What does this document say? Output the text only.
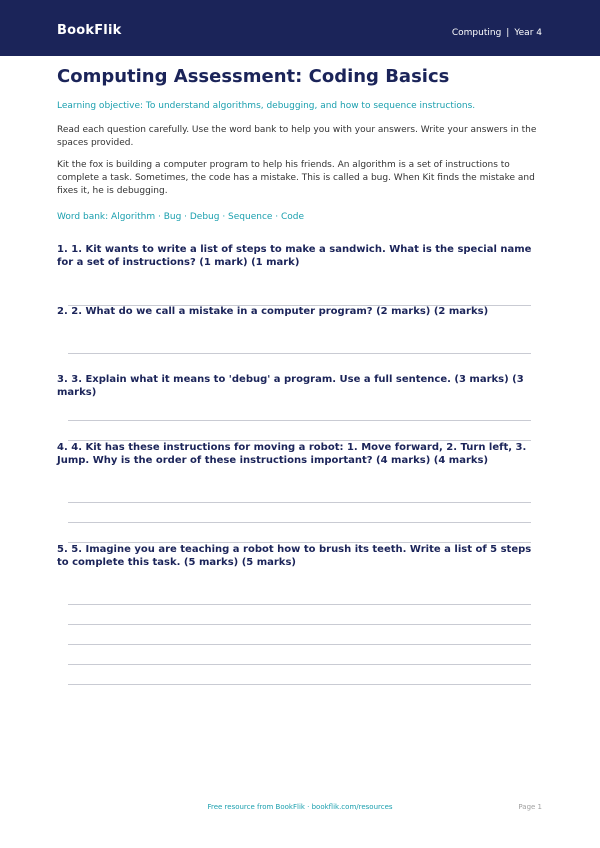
BookFlik	Computing | Year 4
Computing Assessment: Coding Basics
Learning objective: To understand algorithms, debugging, and how to sequence instructions.
Read each question carefully. Use the word bank to help you with your answers. Write your answers in the spaces provided.
Kit the fox is building a computer program to help his friends. An algorithm is a set of instructions to complete a task. Sometimes, the code has a mistake. This is called a bug. When Kit finds the mistake and fixes it, he is debugging.
Word bank: Algorithm · Bug · Debug · Sequence · Code
1. 1. Kit wants to write a list of steps to make a sandwich. What is the special name for a set of instructions? (1 mark) (1 mark)
2. 2. What do we call a mistake in a computer program? (2 marks) (2 marks)
3. 3. Explain what it means to 'debug' a program. Use a full sentence. (3 marks) (3 marks)
4. 4. Kit has these instructions for moving a robot: 1. Move forward, 2. Turn left, 3. Jump. Why is the order of these instructions important? (4 marks) (4 marks)
5. 5. Imagine you are teaching a robot how to brush its teeth. Write a list of 5 steps to complete this task. (5 marks) (5 marks)
Free resource from BookFlik · bookflik.com/resources	Page 1
